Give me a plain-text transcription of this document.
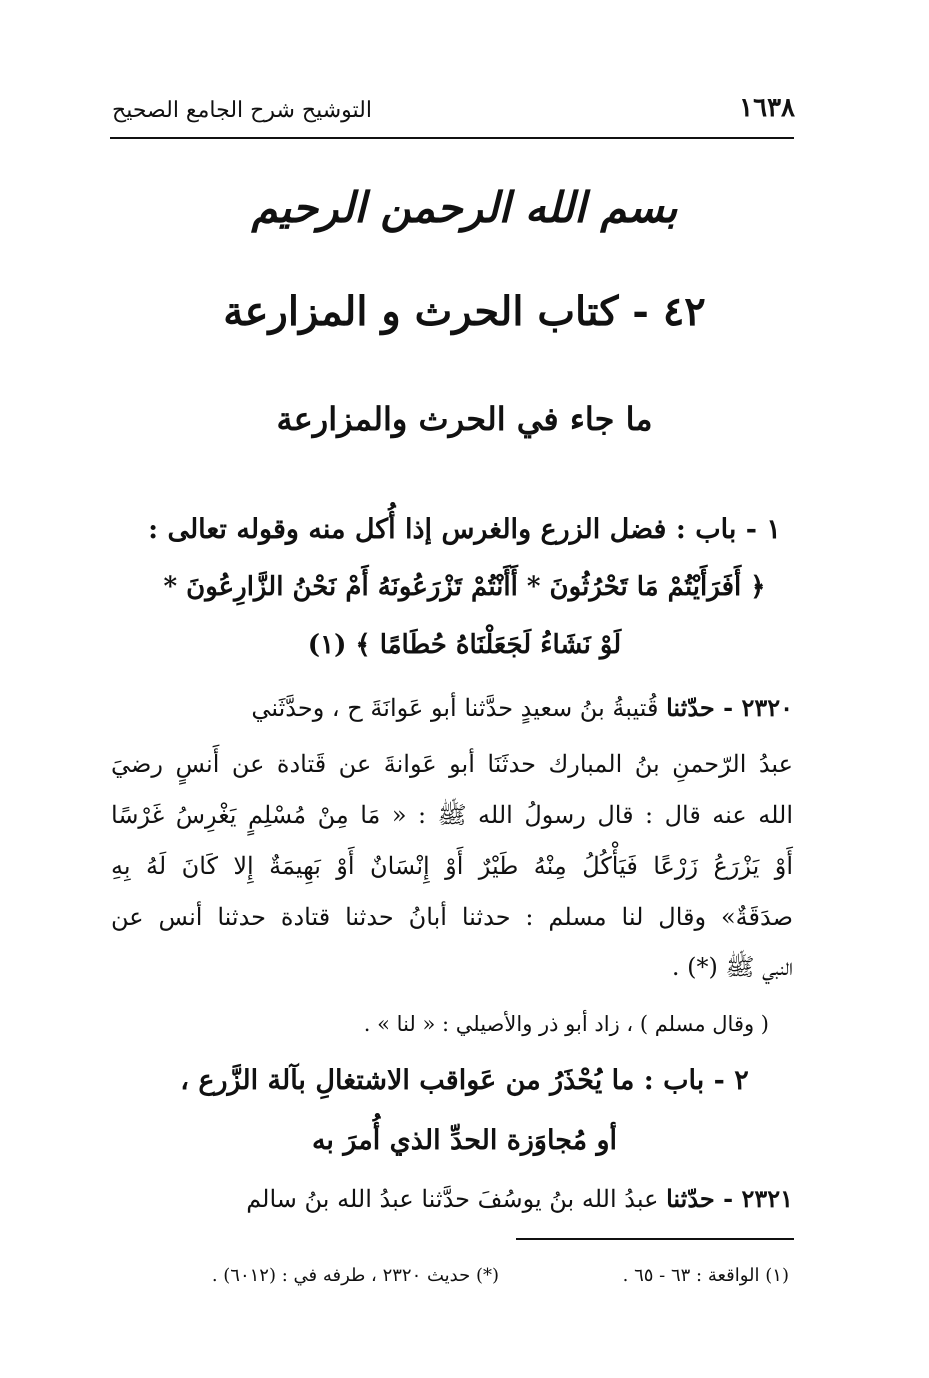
١٦٣٨
التوشيح شرح الجامع الصحيح
بسم الله الرحمن الرحيم
٤٢ - كتاب الحرث و المزارعة
ما جاء في الحرث والمزارعة
١ - باب : فضل الزرع والغرس إذا أُكل منه وقوله تعالى :
﴿ أَفَرَأَيْتُمْ مَا تَحْرُثُونَ * أَأَنْتُمْ تَزْرَعُونَهُ أَمْ نَحْنُ الزَّارِعُونَ *
لَوْ نَشَاءُ لَجَعَلْنَاهُ حُطَامًا ﴾ (١)
٢٣٢٠ - حدّثنا قُتيبةُ بنُ سعيدٍ حدَّثنا أبو عَوانَةَ ح ، وحدَّثَني
عبدُ الرّحمنِ بنُ المبارك حدثَنَا أبو عَوانةَ عن قَتادة عن أَنسٍ رضيَ
الله عنه قال : قال رسولُ الله ﷺ : « مَا مِنْ مُسْلِمٍ يَغْرِسُ غَرْسًا
أَوْ يَزْرَعُ زَرْعًا فَيَأْكُلُ مِنْهُ طَيْرٌ أَوْ إِنْسَانٌ أَوْ بَهِيمَةٌ إِلا كَانَ لَهُ بِهِ
صدَقَةٌ» وقال لنا مسلم : حدثنا أبانُ حدثنا قتادة حدثنا أنس عن
النبي ﷺ (*) .
( وقال مسلم ) ، زاد أبو ذر والأصيلي : « لنا » .
٢ - باب : ما يُحْذَرُ من عَواقب الاشتغالِ بآلة الزَّرع ،
أو مُجاوَزة الحدِّ الذي أُمرَ به
٢٣٢١ - حدّثنا عبدُ الله بنُ يوسُفَ حدَّثنا عبدُ الله بنُ سالم
(١) الواقعة : ٦٣ - ٦٥ .
(*) حديث ٢٣٢٠ ، طرفه في : (٦٠١٢) .
